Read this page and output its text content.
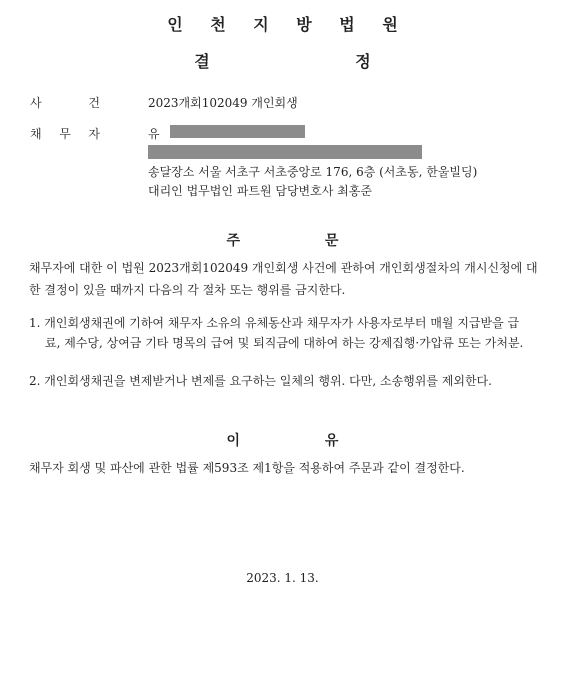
인 천 지 방 법 원
결 정
사	건	2023개회102049 개인회생
채 무 자	유
송달장소 서울 서초구 서초중앙로 176, 6층 (서초동, 한울빌딩)
대리인 법무법인 파트원 담당변호사 최홍준
주 문
채무자에 대한 이 법원 2023개회102049 개인회생 사건에 관하여 개인회생절차의 개시신청에 대한 결정이 있을 때까지 다음의 각 절차 또는 행위를 금지한다.
1. 개인회생채권에 기하여 채무자 소유의 유체동산과 채무자가 사용자로부터 매월 지급받을 급료, 제수당, 상여금 기타 명목의 급여 및 퇴직금에 대하여 하는 강제집행·가압류 또는 가처분.
2. 개인회생채권을 변제받거나 변제를 요구하는 일체의 행위. 다만, 소송행위를 제외한다.
이 유
채무자 회생 및 파산에 관한 법률 제593조 제1항을 적용하여 주문과 같이 결정한다.
2023. 1. 13.
